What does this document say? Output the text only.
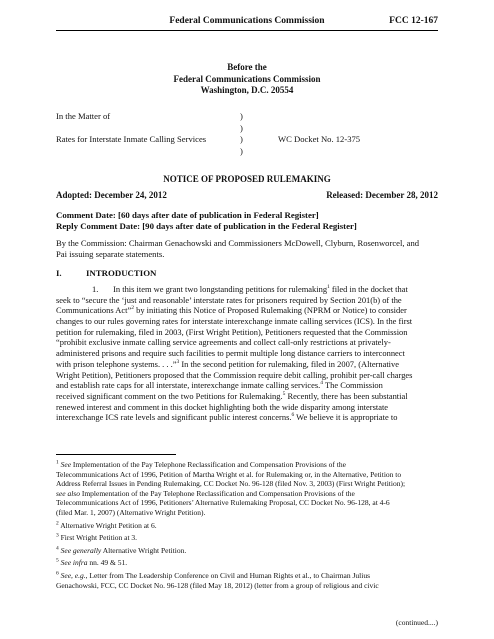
Federal Communications Commission	FCC 12-167
Before the
Federal Communications Commission
Washington, D.C. 20554
In the Matter of

Rates for Interstate Inmate Calling Services
)
)
)
)

WC Docket No. 12-375
NOTICE OF PROPOSED RULEMAKING
Adopted: December 24, 2012	Released: December 28, 2012
Comment Date: [60 days after date of publication in Federal Register]
Reply Comment Date: [90 days after date of publication in the Federal Register]
By the Commission: Chairman Genachowski and Commissioners McDowell, Clyburn, Rosenworcel, and
Pai issuing separate statements.
I.	INTRODUCTION
1. In this item we grant two longstanding petitions for rulemaking$^1$ filed in the docket that
seek to “secure the ‘just and reasonable’ interstate rates for prisoners required by Section 201(b) of the
Communications Act”$^2$ by initiating this Notice of Proposed Rulemaking (NPRM or Notice) to consider
changes to our rules governing rates for interstate interexchange inmate calling services (ICS). In the first
petition for rulemaking, filed in 2003, (First Wright Petition), Petitioners requested that the Commission
“prohibit exclusive inmate calling service agreements and collect call-only restrictions at privately-
administered prisons and require such facilities to permit multiple long distance carriers to interconnect
with prison telephone systems. . . .”$^3$ In the second petition for rulemaking, filed in 2007, (Alternative
Wright Petition), Petitioners proposed that the Commission require debit calling, prohibit per-call charges
and establish rate caps for all interstate, interexchange inmate calling services.$^4$ The Commission
received significant comment on the two Petitions for Rulemaking.$^5$ Recently, there has been substantial
renewed interest and comment in this docket highlighting both the wide disparity among interstate
interexchange ICS rate levels and significant public interest concerns.$^6$ We believe it is appropriate to
$^1$ See Implementation of the Pay Telephone Reclassification and Compensation Provisions of the
Telecommunications Act of 1996, Petition of Martha Wright et al. for Rulemaking or, in the Alternative, Petition to
Address Referral Issues in Pending Rulemaking, CC Docket No. 96-128 (filed Nov. 3, 2003) (First Wright Petition);
see also Implementation of the Pay Telephone Reclassification and Compensation Provisions of the
Telecommunications Act of 1996, Petitioners’ Alternative Rulemaking Proposal, CC Docket No. 96-128, at 4-6
(filed Mar. 1, 2007) (Alternative Wright Petition).
$^2$ Alternative Wright Petition at 6.
$^3$ First Wright Petition at 3.
$^4$ See generally Alternative Wright Petition.
$^5$ See infra nn. 49 & 51.
$^6$ See, e.g., Letter from The Leadership Conference on Civil and Human Rights et al., to Chairman Julius
Genachowski, FCC, CC Docket No. 96-128 (filed May 18, 2012) (letter from a group of religious and civic
(continued....)
